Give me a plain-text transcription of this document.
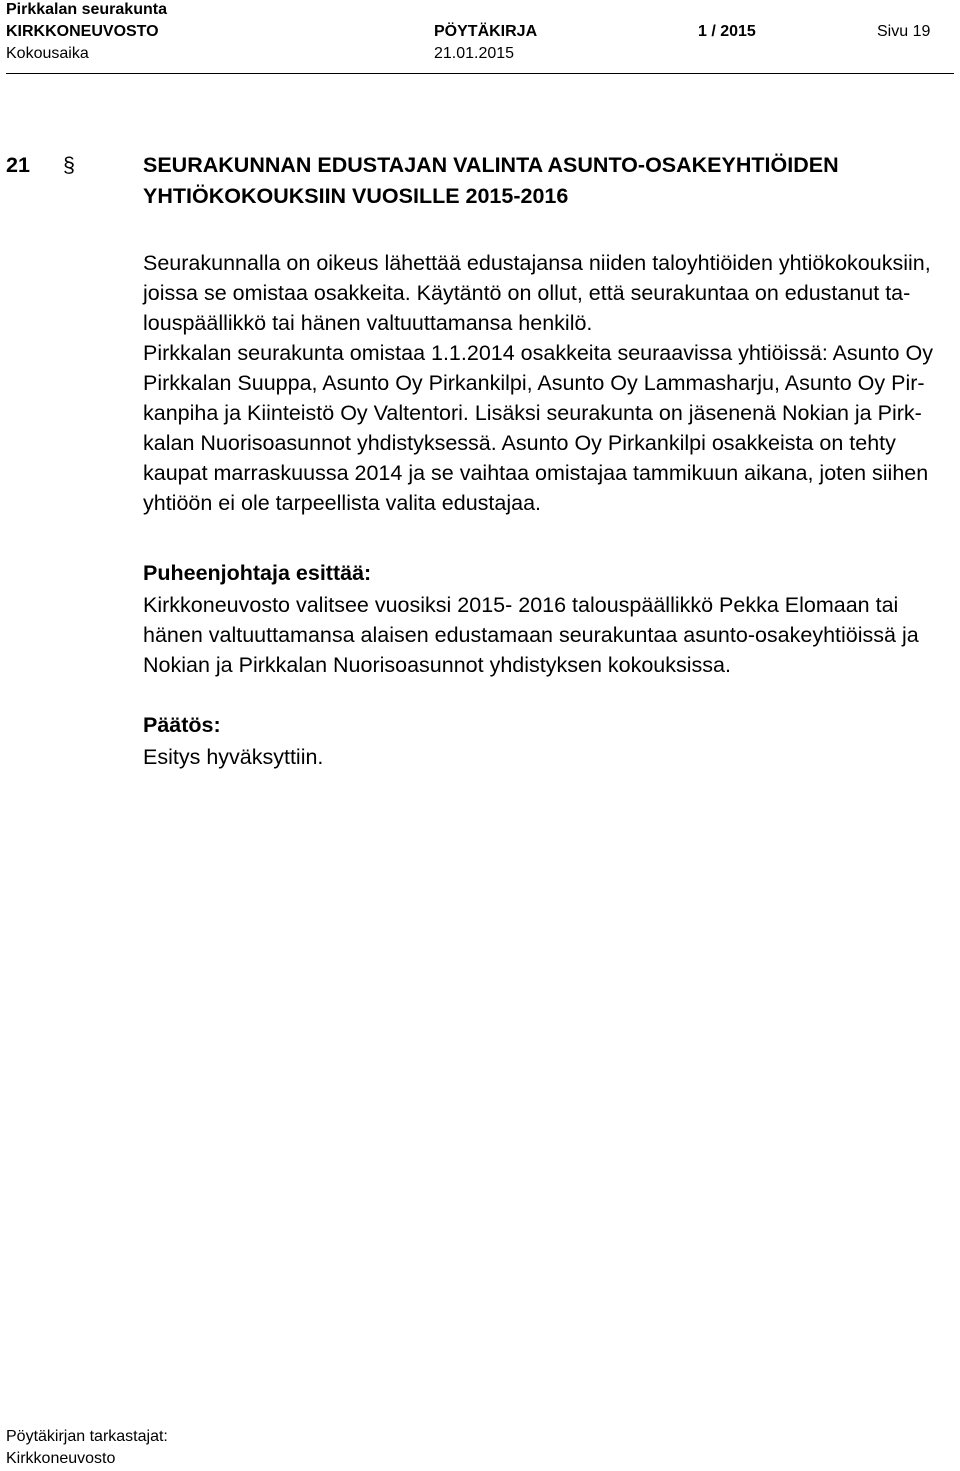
Pirkkalan seurakunta
KIRKKONEUVOSTO	PÖYTÄKIRJA	1 / 2015	Sivu 19
Kokousaika	21.01.2015
21 §	SEURAKUNNAN EDUSTAJAN VALINTA ASUNTO-OSAKEYHTIÖIDEN
YHTIÖKOKOUKSIIN VUOSILLE 2015-2016
Seurakunnalla on oikeus lähettää edustajansa niiden taloyhtiöiden yhtiökokouksiin,
joissa se omistaa osakkeita. Käytäntö on ollut, että seurakuntaa on edustanut ta-
louspäällikkö tai hänen valtuuttamansa henkilö.
Pirkkalan seurakunta omistaa 1.1.2014 osakkeita seuraavissa yhtiöissä: Asunto Oy
Pirkkalan Suuppa, Asunto Oy Pirkankilpi, Asunto Oy Lammasharju, Asunto Oy Pir-
kanpiha ja Kiinteistö Oy Valtentori. Lisäksi seurakunta on jäsenenä Nokian ja Pirk-
kalan Nuorisoasunnot yhdistyksessä. Asunto Oy Pirkankilpi osakkeista on tehty
kaupat marraskuussa 2014 ja se vaihtaa omistajaa tammikuun aikana, joten siihen
yhtiöön ei ole tarpeellista valita edustajaa.
Puheenjohtaja esittää:
Kirkkoneuvosto valitsee vuosiksi 2015- 2016 talouspäällikkö Pekka Elomaan tai
hänen valtuuttamansa alaisen edustamaan seurakuntaa asunto-osakeyhtiöissä ja
Nokian ja Pirkkalan Nuorisoasunnot yhdistyksen kokouksissa.
Päätös:
Esitys hyväksyttiin.
Pöytäkirjan tarkastajat:
Kirkkoneuvosto
